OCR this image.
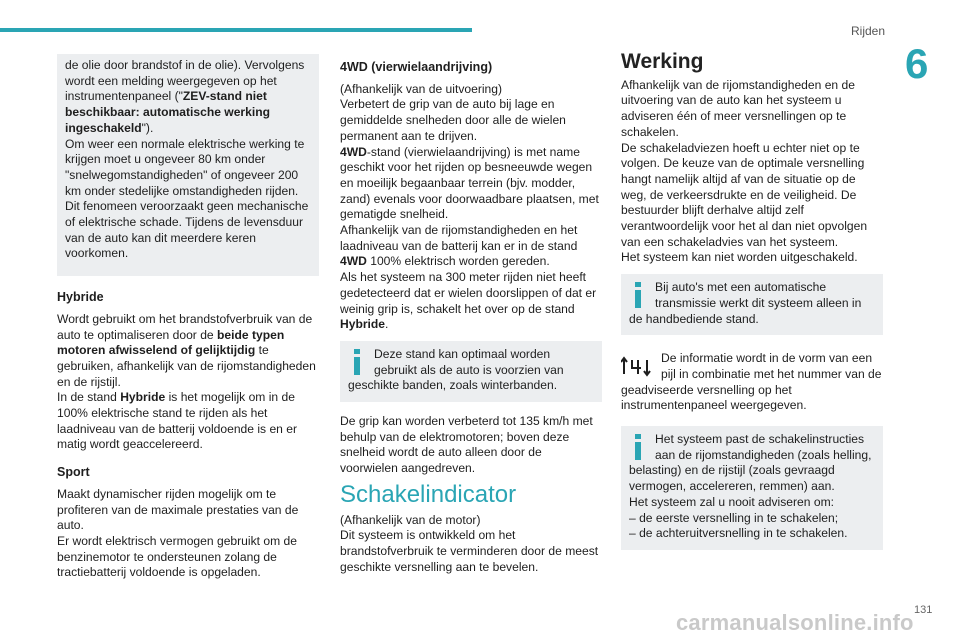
Rijden
6

de olie door brandstof in de olie). Vervolgens wordt een melding weergegeven op het instrumentenpaneel ("ZEV-stand niet beschikbaar: automatische werking ingeschakeld").
Om weer een normale elektrische werking te krijgen moet u ongeveer 80 km onder "snelwegomstandigheden" of ongeveer 200 km onder stedelijke omstandigheden rijden. Dit fenomeen veroorzaakt geen mechanische of elektrische schade. Tijdens de levensduur van de auto kan dit meerdere keren voorkomen.

Hybride

Wordt gebruikt om het brandstofverbruik van de auto te optimaliseren door de beide typen motoren afwisselend of gelijktijdig te gebruiken, afhankelijk van de rijomstandigheden en de rijstijl.
In de stand Hybride is het mogelijk om in de 100% elektrische stand te rijden als het laadniveau van de batterij voldoende is en er matig wordt geaccelereerd.

Sport

Maakt dynamischer rijden mogelijk om te profiteren van de maximale prestaties van de auto.
Er wordt elektrisch vermogen gebruikt om de benzinemotor te ondersteunen zolang de tractiebatterij voldoende is opgeladen.

4WD (vierwielaandrijving)

(Afhankelijk van de uitvoering)
Verbetert de grip van de auto bij lage en gemiddelde snelheden door alle de wielen permanent aan te drijven.
4WD-stand (vierwielaandrijving) is met name geschikt voor het rijden op besneeuwde wegen en moeilijk begaanbaar terrein (bjv. modder, zand) evenals voor doorwaadbare plaatsen, met gematigde snelheid.
Afhankelijk van de rijomstandigheden en het laadniveau van de batterij kan er in de stand 4WD 100% elektrisch worden gereden.
Als het systeem na 300 meter rijden niet heeft gedetecteerd dat er wielen doorslippen of dat er weinig grip is, schakelt het over op de stand Hybride.

Deze stand kan optimaal worden gebruikt als de auto is voorzien van geschikte banden, zoals winterbanden.

De grip kan worden verbeterd tot 135 km/h met behulp van de elektromotoren; boven deze snelheid wordt de auto alleen door de voorwielen aangedreven.

Schakelindicator

(Afhankelijk van de motor)
Dit systeem is ontwikkeld om het brandstofverbruik te verminderen door de meest geschikte versnelling aan te bevelen.

Werking

Afhankelijk van de rijomstandigheden en de uitvoering van de auto kan het systeem u adviseren één of meer versnellingen op te schakelen.
De schakeladviezen hoeft u echter niet op te volgen. De keuze van de optimale versnelling hangt namelijk altijd af van de situatie op de weg, de verkeersdrukte en de veiligheid. De bestuurder blijft derhalve altijd zelf verantwoordelijk voor het al dan niet opvolgen van een schakeladvies van het systeem.
Het systeem kan niet worden uitgeschakeld.

Bij auto's met een automatische transmissie werkt dit systeem alleen in de handbediende stand.
De informatie wordt in de vorm van een pijl in combinatie met het nummer van de geadviseerde versnelling op het instrumentenpaneel weergegeven.
Het systeem past de schakelinstructies aan de rijomstandigheden (zoals helling, belasting) en de rijstijl (zoals gevraagd vermogen, accelereren, remmen) aan.
Het systeem zal u nooit adviseren om:
– de eerste versnelling in te schakelen;
– de achteruitversnelling in te schakelen.
carmanualsonline.info 131
